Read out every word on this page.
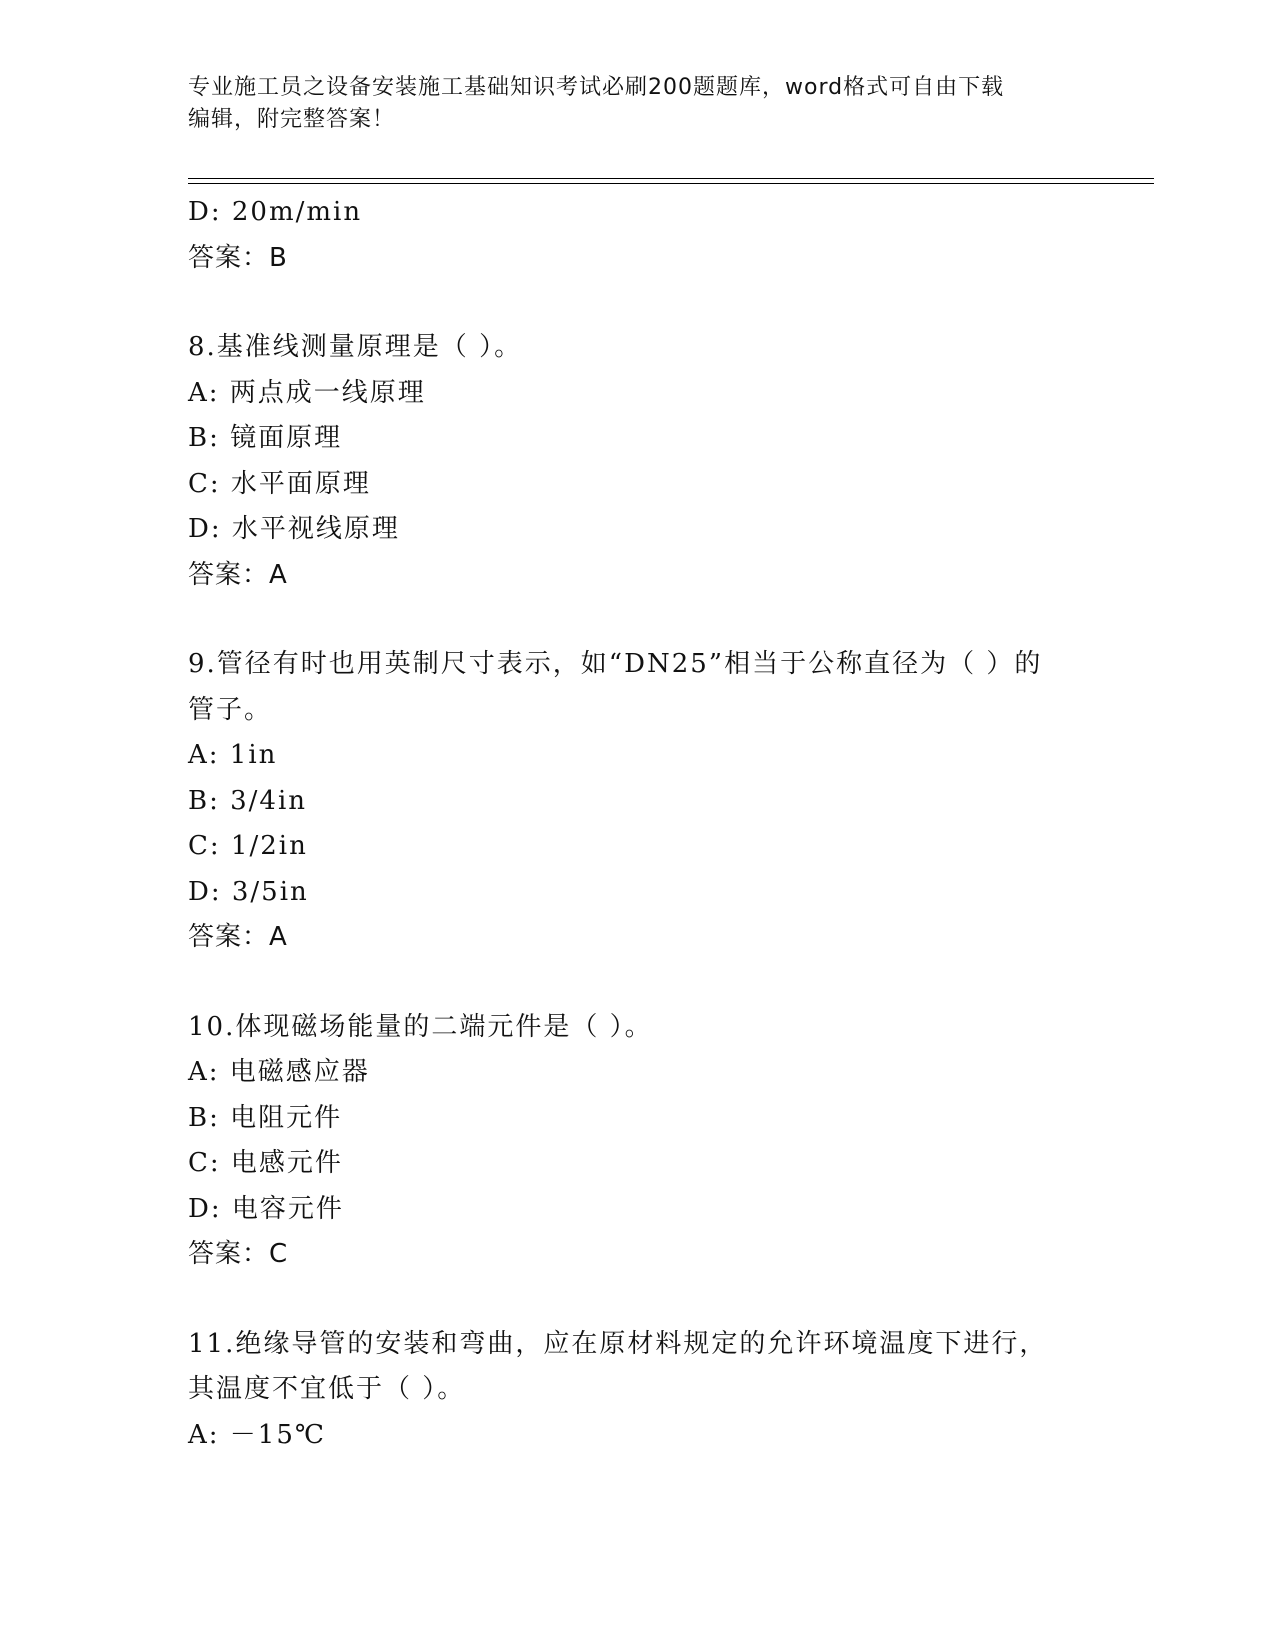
专业施工员之设备安装施工基础知识考试必刷200题题库，word格式可自由下载
编辑，附完整答案！
D: 20m/min
答案：B
8.基准线测量原理是（ ）。
A: 两点成一线原理
B: 镜面原理
C: 水平面原理
D: 水平视线原理
答案：A
9.管径有时也用英制尺寸表示，如“DN25”相当于公称直径为（ ）的
管子。
A: 1in
B: 3/4in
C: 1/2in
D: 3/5in
答案：A
10.体现磁场能量的二端元件是（ ）。
A: 电磁感应器
B: 电阻元件
C: 电感元件
D: 电容元件
答案：C
11.绝缘导管的安装和弯曲，应在原材料规定的允许环境温度下进行，
其温度不宜低于（ ）。
A: －15℃
